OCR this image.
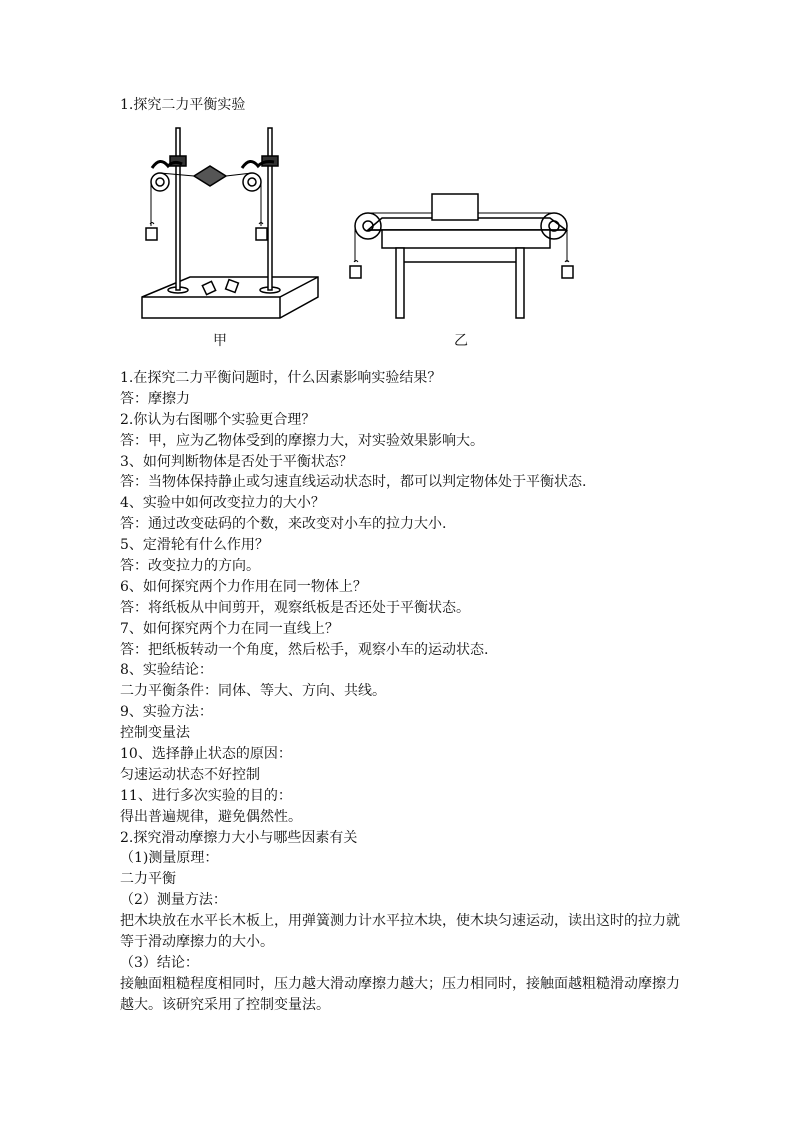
1.探究二力平衡实验
甲	乙
1.在探究二力平衡问题时，什么因素影响实验结果？
答：摩擦力
2.你认为右图哪个实验更合理？
答：甲，应为乙物体受到的摩擦力大，对实验效果影响大。
3、如何判断物体是否处于平衡状态？
答：当物体保持静止或匀速直线运动状态时，都可以判定物体处于平衡状态.
4、实验中如何改变拉力的大小？
答：通过改变砝码的个数，来改变对小车的拉力大小.
5、定滑轮有什么作用？
答：改变拉力的方向。
6、如何探究两个力作用在同一物体上？
答：将纸板从中间剪开，观察纸板是否还处于平衡状态。
7、如何探究两个力在同一直线上？
答：把纸板转动一个角度，然后松手，观察小车的运动状态.
8、实验结论：
二力平衡条件：同体、等大、方向、共线。
9、实验方法：
控制变量法
10、选择静止状态的原因：
匀速运动状态不好控制
11、进行多次实验的目的：
得出普遍规律，避免偶然性。
2.探究滑动摩擦力大小与哪些因素有关
（1)测量原理：
二力平衡
（2）测量方法：
把木块放在水平长木板上，用弹簧测力计水平拉木块，使木块匀速运动，读出这时的拉力就等于滑动摩擦力的大小。
（3）结论：
接触面粗糙程度相同时，压力越大滑动摩擦力越大；压力相同时，接触面越粗糙滑动摩擦力越大。该研究采用了控制变量法。
